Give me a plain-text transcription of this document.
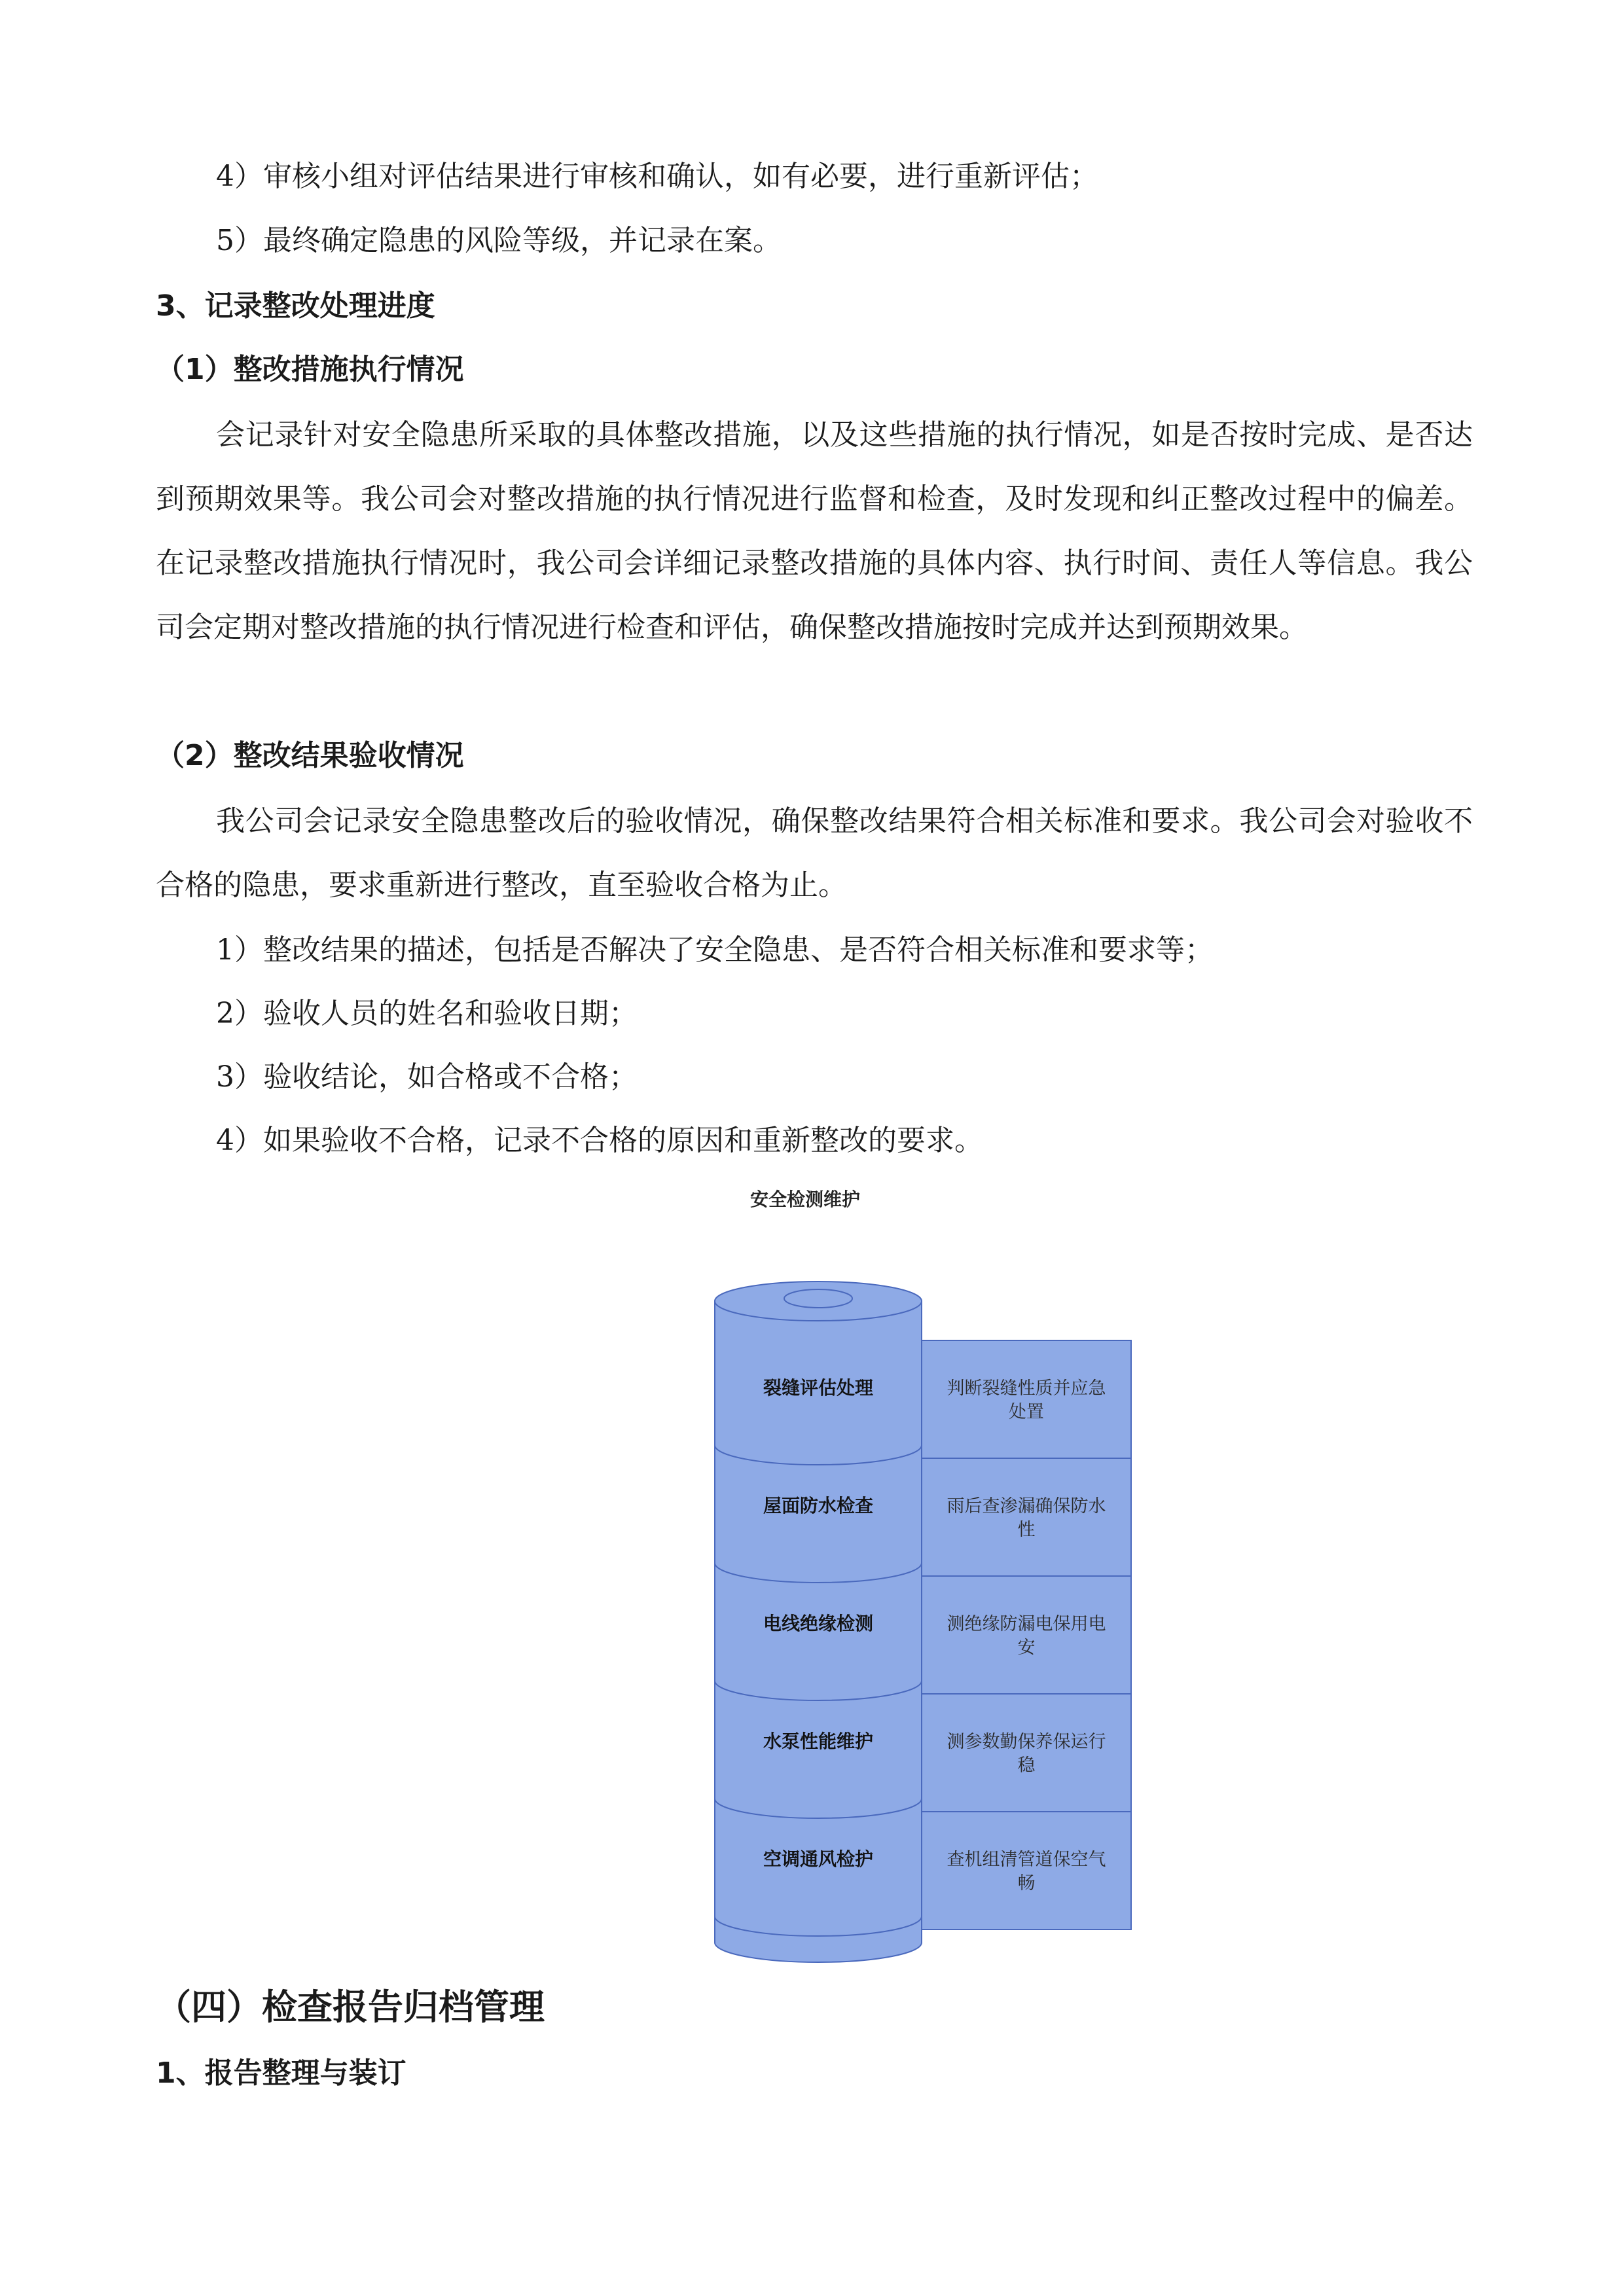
4）审核小组对评估结果进行审核和确认，如有必要，进行重新评估；
5）最终确定隐患的风险等级，并记录在案。
3、记录整改处理进度
（1）整改措施执行情况
会记录针对安全隐患所采取的具体整改措施，以及这些措施的执行情况，如是否按时完成、是否达到预期效果等。我公司会对整改措施的执行情况进行监督和检查，及时发现和纠正整改过程中的偏差。在记录整改措施执行情况时，我公司会详细记录整改措施的具体内容、执行时间、责任人等信息。我公司会定期对整改措施的执行情况进行检查和评估，确保整改措施按时完成并达到预期效果。
（2）整改结果验收情况
我公司会记录安全隐患整改后的验收情况，确保整改结果符合相关标准和要求。我公司会对验收不合格的隐患，要求重新进行整改，直至验收合格为止。
1）整改结果的描述，包括是否解决了安全隐患、是否符合相关标准和要求等；
2）验收人员的姓名和验收日期；
3）验收结论，如合格或不合格；
4）如果验收不合格，记录不合格的原因和重新整改的要求。
安全检测维护
判断裂缝性质并应急
处置
雨后查渗漏确保防水
性
测绝缘防漏电保用电
安
测参数勤保养保运行
稳
查机组清管道保空气
畅
裂缝评估处理
屋面防水检查
电线绝缘检测
水泵性能维护
空调通风检护
（四）检查报告归档管理
1、报告整理与装订
